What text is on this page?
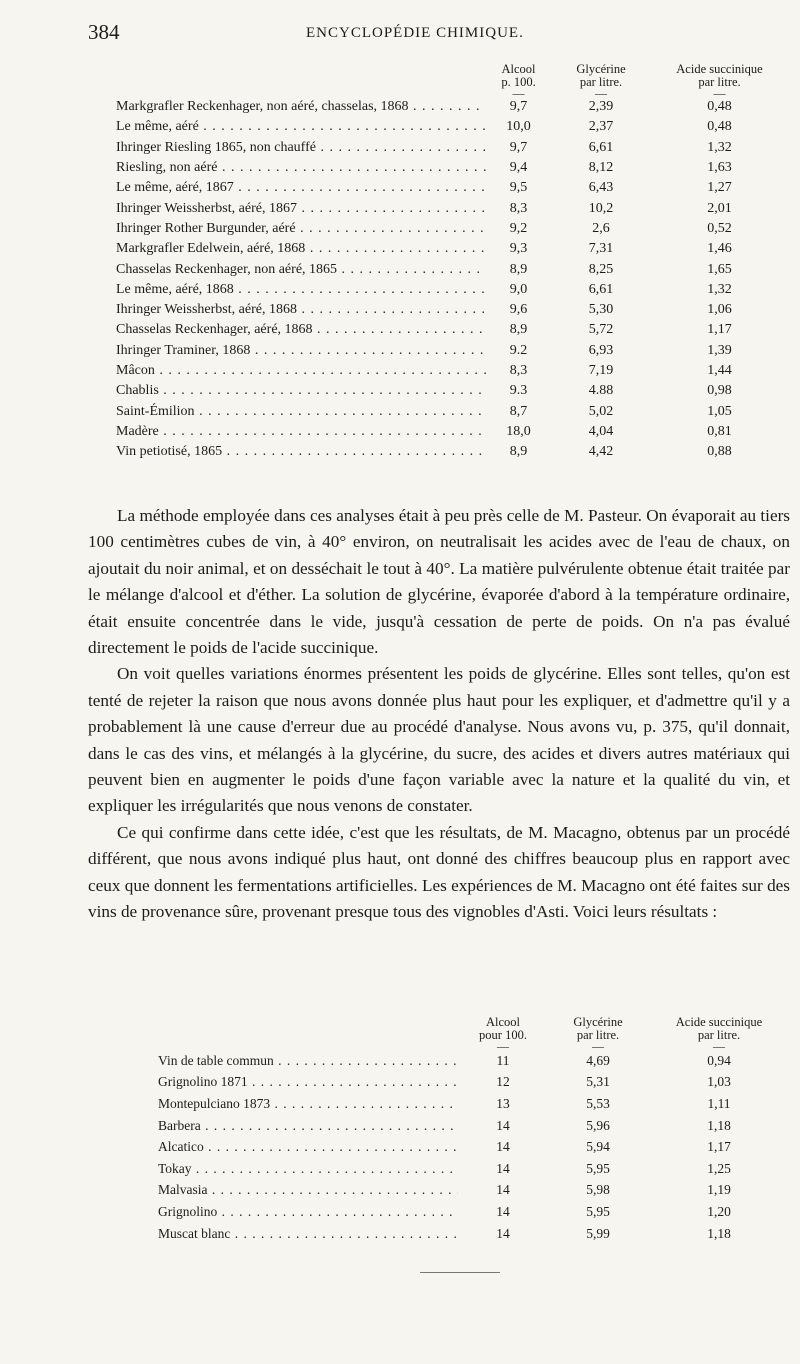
384	ENCYCLOPÉDIE CHIMIQUE.
	Alcool
p. 100.
—	Glycérine
par litre.
—	Acide succinique
par litre.
—

Markgrafler Reckenhager, non aéré, chasselas, 1868 . . .	9,7	2,39	0,48
Le même, aéré . . .	10,0	2,37	0,48
Ihringer Riesling 1865, non chauffé . . .	9,7	6,61	1,32
Riesling, non aéré . . .	9,4	8,12	1,63
Le même, aéré, 1867 . . .	9,5	6,43	1,27
Ihringer Weissherbst, aéré, 1867 . . .	8,3	10,2	2,01
Ihringer Rother Burgunder, aéré . . .	9,2	2,6	0,52
Markgrafler Edelwein, aéré, 1868 . . .	9,3	7,31	1,46
Chasselas Reckenhager, non aéré, 1865 . . .	8,9	8,25	1,65
Le même, aéré, 1868 . . .	9,0	6,61	1,32
Ihringer Weissherbst, aéré, 1868 . . .	9,6	5,30	1,06
Chasselas Reckenhager, aéré, 1868 . . .	8,9	5,72	1,17
Ihringer Traminer, 1868 . . .	9.2	6,93	1,39
Mâcon . . .	8,3	7,19	1,44
Chablis . . .	9.3	4.88	0,98
Saint-Émilion . . .	8,7	5,02	1,05
Madère . . .	18,0	4,04	0,81
Vin petiotisé, 1865 . . .	8,9	4,42	0,88

La méthode employée dans ces analyses était à peu près celle de M. Pasteur. On évaporait au tiers 100 centimètres cubes de vin, à 40° environ, on neutralisait les acides avec de l'eau de chaux, on ajoutait du noir animal, et on desséchait le tout à 40°. La matière pulvérulente obtenue était traitée par le mélange d'alcool et d'éther. La solution de glycérine, évaporée d'abord à la température ordinaire, était ensuite concentrée dans le vide, jusqu'à cessation de perte de poids. On n'a pas évalué directement le poids de l'acide succinique.

On voit quelles variations énormes présentent les poids de glycérine. Elles sont telles, qu'on est tenté de rejeter la raison que nous avons donnée plus haut pour les expliquer, et d'admettre qu'il y a probablement là une cause d'erreur due au procédé d'analyse. Nous avons vu, p. 375, qu'il donnait, dans le cas des vins, et mélangés à la glycérine, du sucre, des acides et divers autres matériaux qui peuvent bien en augmenter le poids d'une façon variable avec la nature et la qualité du vin, et expliquer les irrégularités que nous venons de constater.

Ce qui confirme dans cette idée, c'est que les résultats, de M. Macagno, obtenus par un procédé différent, que nous avons indiqué plus haut, ont donné des chiffres beaucoup plus en rapport avec ceux que donnent les fermentations artificielles. Les expériences de M. Macagno ont été faites sur des vins de provenance sûre, provenant presque tous des vignobles d'Asti. Voici leurs résultats :

	Alcool
pour 100.
—	Glycérine
par litre.
—	Acide succinique
par litre.
—

Vin de table commun . . .	11	4,69	0,94
Grignolino 1871 . . .	12	5,31	1,03
Montepulciano 1873 . . .	13	5,53	1,11
Barbera . . .	14	5,96	1,18
Alcatico . . .	14	5,94	1,17
Tokay . . .	14	5,95	1,25
Malvasia . . .	14	5,98	1,19
Grignolino . . .	14	5,95	1,20
Muscat blanc . . .	14	5,99	1,18
